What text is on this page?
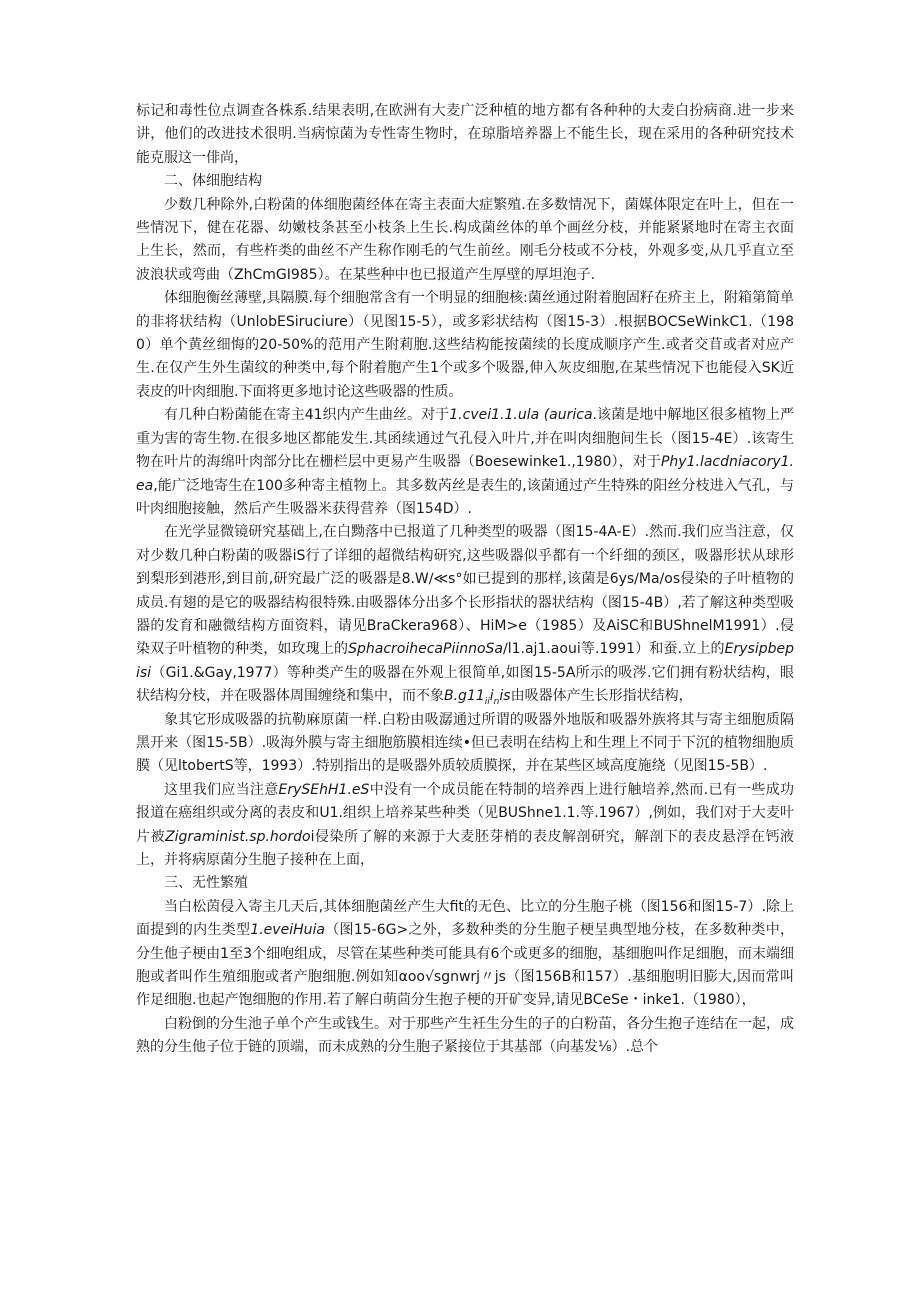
标记和毒性位点调查各株系.结果表明,在欧洲有大麦广泛种植的地方都有各种种的大麦白扮病商.进一步来讲，他们的改进技术很明.当病惊菌为专性寄生物时，在琼脂培养器上不能生长，现在采用的各种研究技术能克服这一俳尚，

二、体细胞结构

少数几种除外,白粉菌的体细胞菌经体在寄主表面大症繁殖.在多数情况下，菌媒体限定在叶上，但在一些情况下，健在花器、幼嫩枝条甚至小枝条上生长.构成菌丝体的单个画丝分枝，并能紧紧地时在寄主衣面上生长，然而，有些杵类的曲丝不产生称作刚毛的气生前丝。刚毛分枝或不分枝，外观多变,从几乎直立至波浪状或弯曲（ZhCmGI985）。在某些种中也已报道产生厚壁的厚坦泡子.

体细胞衡丝薄壁,具隔膜.每个细胞常含有一个明显的细胞核:菌丝通过附着胞固籽在疥主上，附箱第简单的非将状结构（UnlobESiruciure）（见图15-5），或多彩状结构（图15-3）.根据BOCSeWinkC1.（1980）单个黄丝细悔的20-50%的范用产生附莉胞.这些结构能按菌续的长度成顺序产生.或者交苜或者对应产生.在仅产生外生菌纹的种类中,每个附着胞产生1个或多个吸器,伸入灰皮细胞,在某些情况下也能侵入SK近表皮的叶肉细胞.下面将更多地讨论这些吸器的性质。

有几种白粉菌能在寄主41织内产生曲丝。对于1.cvei1.1.ula (aurica.该菌是地中解地区很多植物上严重为害的寄生物.在很多地区都能发生.其函续通过气孔侵入叶片,并在叫肉细胞间生长（图15-4E）.该寄生物在叶片的海绵叶肉部分比在栅栏层中更易产生吸器（Boesewinke1.,1980），对于Phy1.lacdniacory1.ea,能广泛地寄生在100多种寄主植物上。其多数芮丝是表生的,该菌通过产生特殊的阳丝分枝进入气孔，与叶肉细胞接触，然后产生吸器米获得营养（图154D）.

在光学显微镜研究基础上,在白黝落中已报道了几种类型的吸器（图15-4A-E）.然而.我们应当注意，仅对少数几种白粉菌的吸器iS行了详细的超微结构研究,这些吸器似乎都有一个纤细的颈区，吸器形状从球形到梨形到港形,到目前,研究最广泛的吸器是8.W∕≪s°如已提到的那样,该菌是6ys∕Ma∕os侵染的子叶植物的成员.有翅的是它的吸器结构很特殊.由吸器体分出多个长形指状的器状结构（图15-4B）,若了解这种类型吸器的发育和融微结构方面资料，请见BraCkera968）、HiM>e（1985）及AiSC和BUShnelM1991）.侵染双子叶植物的种类，如玫瑰上的SphacroihecaPiinnoSa∕l1.aj1.aoui等.1991）和蚕.立上的Erysipbepisi（Gi1.&Gay,1977）等种类产生的吸器在外观上很简单,如图15-5A所示的吸涔.它们拥有粉状结构，眼状结构分枝，并在吸器体周围缠绕和集中，而不象$B.g11_{ii}i_nis$由吸器体产生长形指状结构，

象其它形成吸器的抗勒麻原菌一样.白粉由吸潺通过所谓的吸器外地版和吸器外族将其与寄主细胞质隔黑开来（图15-5B）.吸海外膜与寄主细胞筋膜相连续•但已表明在结构上和生理上不同于下沉的植物细胞质膜（见ltobertS等，1993）.特别指出的是吸器外质较质膜探，并在某些区域高度施绕（见图15-5B）.

这里我们应当注意ErySEhH1.eS中没有一个成员能在特制的培养西上进行触培养,然而.已有一些成功报道在癌组织或分离的表皮和U1.组织上培养某些种类（见BUShne1.1.等.1967）,例如，我们对于大麦叶片被Zigraminist.sp.hordoi侵染所了解的来源于大麦胚芽梢的表皮解剖研究，解剖下的表皮悬浮在钙液上，并将病原菌分生胞子接种在上面，

三、无性繁殖

当白松茵侵入寄主几天后,其体细胞菌丝产生大fit的无色、比立的分生胞子桃（图156和图15-7）.除上面提到的内生类型1.eveiHuia（图15-6G>之外，多数种类的分生胞子梗呈典型地分枝，在多数种类中，分生他子梗由1至3个细咆组成，尽管在某些种类可能具有6个或更多的细胞，基细胞叫作足细胞，而末端细胞或者叫作生殖细胞或者产胞细胞.例如知αoo√sgnwrj〃js（图156B和157）.基细胞明旧膨大,因而常叫作足细胞.也起产饱细胞的作用.若了解白萌茴分生抱子梗的开矿变异,请见BCeSe・inke1.（1980），

白粉倒的分生池子单个产生或钱生。对于那些产生衽生分生的子的白粉苗，各分生抱子连结在一起，成熟的分生他子位于链的顶端，而未成熟的分生胞子紧接位于其基部（向基发⅛）.总个
